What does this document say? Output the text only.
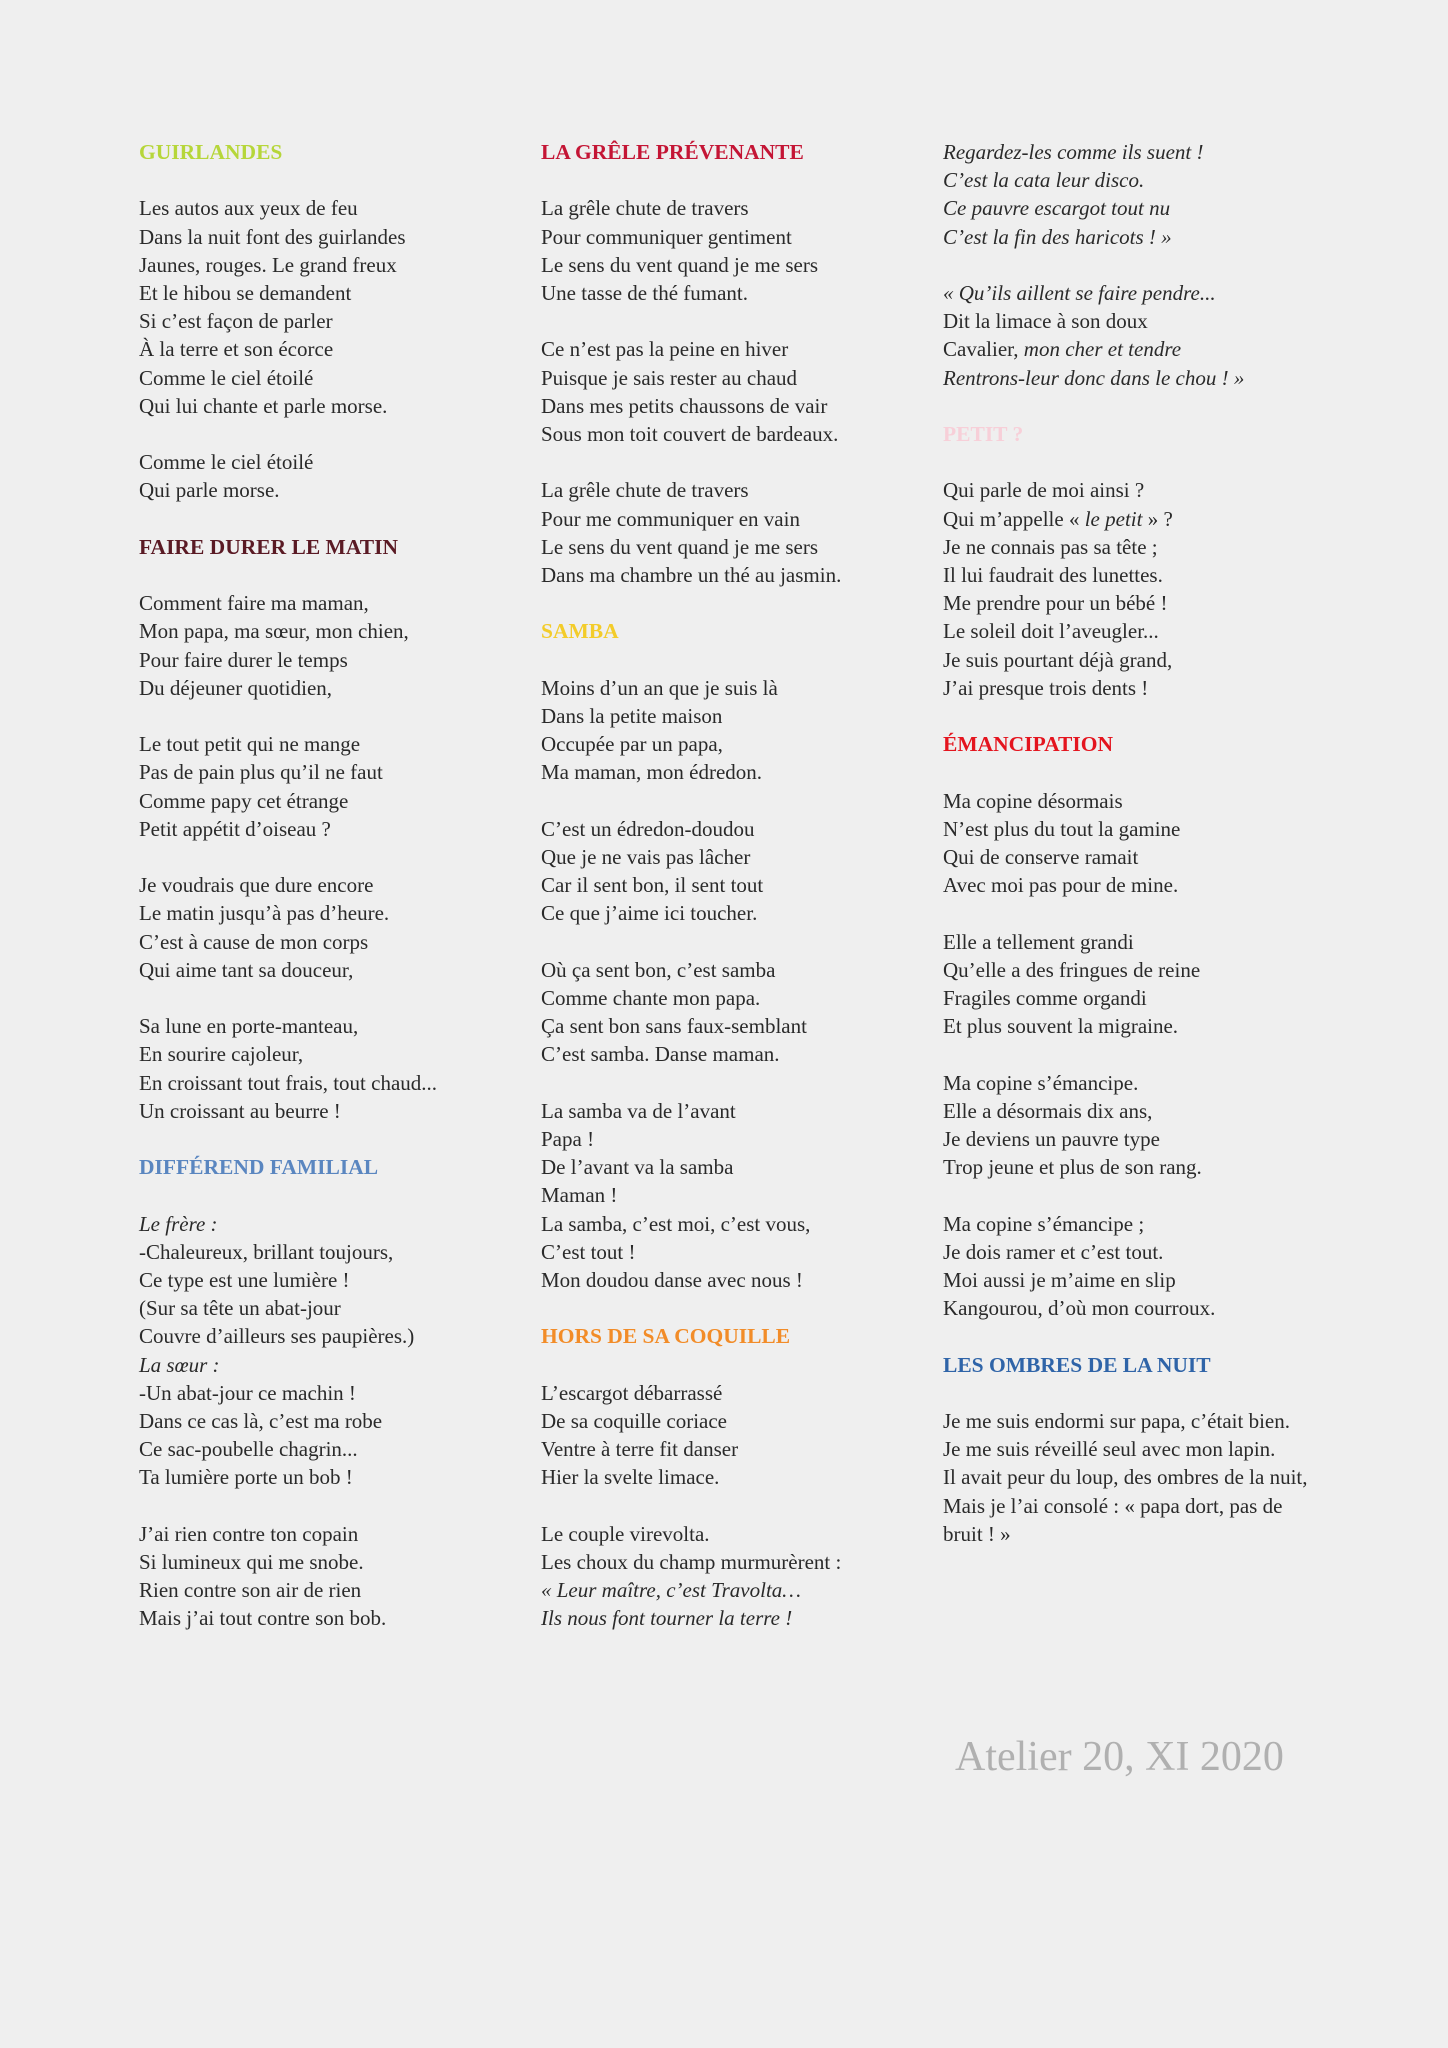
GUIRLANDES
Les autos aux yeux de feu
Dans la nuit font des guirlandes
Jaunes, rouges. Le grand freux
Et le hibou se demandent
Si c’est façon de parler
À la terre et son écorce
Comme le ciel étoilé
Qui lui chante et parle morse.
Comme le ciel étoilé
Qui parle morse.
FAIRE DURER LE MATIN
Comment faire ma maman,
Mon papa, ma sœur, mon chien,
Pour faire durer le temps
Du déjeuner quotidien,
Le tout petit qui ne mange
Pas de pain plus qu’il ne faut
Comme papy cet étrange
Petit appétit d’oiseau ?
Je voudrais que dure encore
Le matin jusqu’à pas d’heure.
C’est à cause de mon corps
Qui aime tant sa douceur,
Sa lune en porte-manteau,
En sourire cajoleur,
En croissant tout frais, tout chaud...
Un croissant au beurre !
DIFFÉREND FAMILIAL
Le frère :
-Chaleureux, brillant toujours,
Ce type est une lumière !
(Sur sa tête un abat-jour
Couvre d’ailleurs ses paupières.)
La sœur :
-Un abat-jour ce machin !
Dans ce cas là, c’est ma robe
Ce sac-poubelle chagrin...
Ta lumière porte un bob !
J’ai rien contre ton copain
Si lumineux qui me snobe.
Rien contre son air de rien
Mais j’ai tout contre son bob.
LA GRÊLE PRÉVENANTE
La grêle chute de travers
Pour communiquer gentiment
Le sens du vent quand je me sers
Une tasse de thé fumant.
Ce n’est pas la peine en hiver
Puisque je sais rester au chaud
Dans mes petits chaussons de vair
Sous mon toit couvert de bardeaux.
La grêle chute de travers
Pour me communiquer en vain
Le sens du vent quand je me sers
Dans ma chambre un thé au jasmin.
SAMBA
Moins d’un an que je suis là
Dans la petite maison
Occupée par un papa,
Ma maman, mon édredon.
C’est un édredon-doudou
Que je ne vais pas lâcher
Car il sent bon, il sent tout
Ce que j’aime ici toucher.
Où ça sent bon, c’est samba
Comme chante mon papa.
Ça sent bon sans faux-semblant
C’est samba. Danse maman.
La samba va de l’avant
Papa !
De l’avant va la samba
Maman !
La samba, c’est moi, c’est vous,
C’est tout !
Mon doudou danse avec nous !
HORS DE SA COQUILLE
L’escargot débarrassé
De sa coquille coriace
Ventre à terre fit danser
Hier la svelte limace.
Le couple virevolta.
Les choux du champ murmurèrent :
« Leur maître, c’est Travolta…
Ils nous font tourner la terre !
Regardez-les comme ils suent !
C’est la cata leur disco.
Ce pauvre escargot tout nu
C’est la fin des haricots ! »
« Qu’ils aillent se faire pendre...
Dit la limace à son doux
Cavalier, mon cher et tendre
Rentrons-leur donc dans le chou ! »
PETIT ?
Qui parle de moi ainsi ?
Qui m’appelle « le petit » ?
Je ne connais pas sa tête ;
Il lui faudrait des lunettes.
Me prendre pour un bébé !
Le soleil doit l’aveugler...
Je suis pourtant déjà grand,
J’ai presque trois dents !
ÉMANCIPATION
Ma copine désormais
N’est plus du tout la gamine
Qui de conserve ramait
Avec moi pas pour de mine.
Elle a tellement grandi
Qu’elle a des fringues de reine
Fragiles comme organdi
Et plus souvent la migraine.
Ma copine s’émancipe.
Elle a désormais dix ans,
Je deviens un pauvre type
Trop jeune et plus de son rang.
Ma copine s’émancipe ;
Je dois ramer et c’est tout.
Moi aussi je m’aime en slip
Kangourou, d’où mon courroux.
LES OMBRES DE LA NUIT
Je me suis endormi sur papa, c’était bien.
Je me suis réveillé seul avec mon lapin.
Il avait peur du loup, des ombres de la nuit,
Mais je l’ai consolé : « papa dort, pas de bruit ! »
Atelier 20, XI 2020
